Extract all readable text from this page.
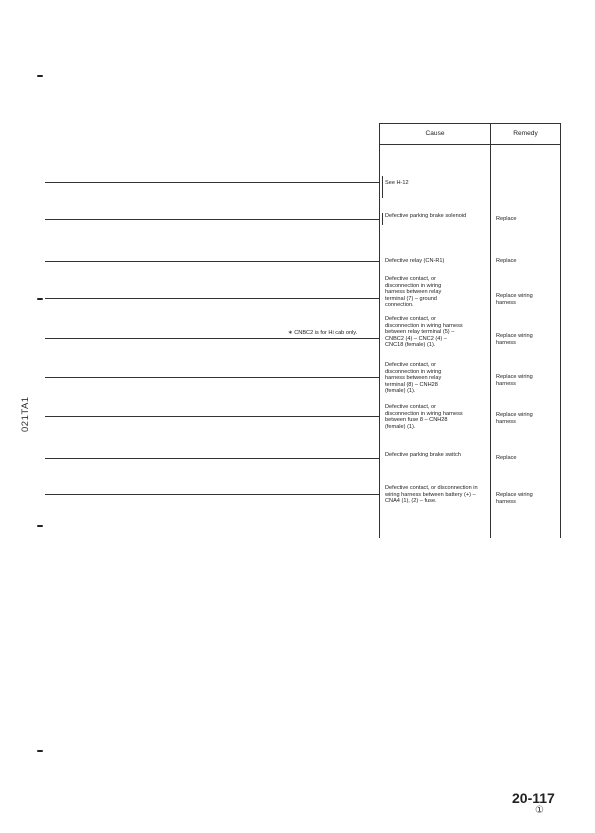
Cause	Remedy
See H-12
Defective parking brake solenoid
Defective relay (CN-R1)
Defective contact, or disconnection in wiring harness between relay terminal (7) – ground connection.
Defective contact, or disconnection in wiring harness between relay terminal (5) – CNBC2 (4) – CNC2 (4) – CNC18 (female) (1).
Defective contact, or disconnection in wiring harness between relay terminal (8) – CNH28 (female) (1).
Defective contact, or disconnection in wiring harness between fuse 8 – CNH28 (female) (1).
Defective parking brake switch
Defective contact, or disconnection in wiring harness between battery (+) – CNA4 (1), (2) – fuse.
Replace
Replace
Replace wiring harness
Replace wiring harness
Replace wiring harness
Replace wiring harness
Replace
Replace wiring harness
∗ CNBC2 is for Hi cab only.
021TA1
20-117
①
